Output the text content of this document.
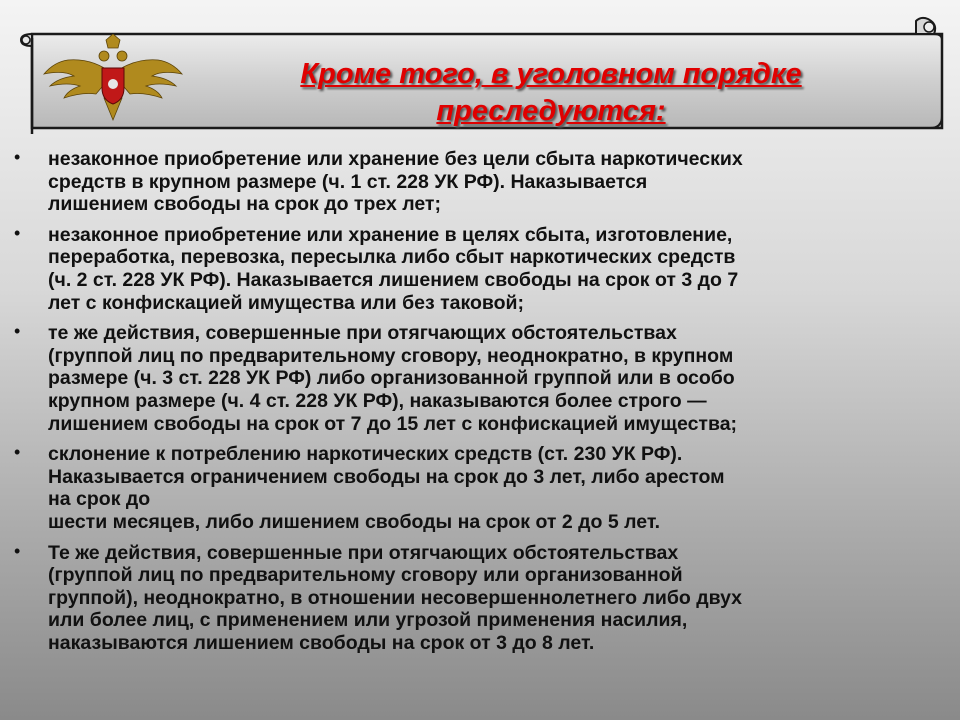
Кроме того, в уголовном порядке
преследуются:
•	незаконное приобретение или хранение без цели сбыта наркотических
средств в крупном размере (ч. 1 ст. 228 УК РФ). Наказывается
лишением свободы на срок до трех лет;
•	незаконное приобретение или хранение в целях сбыта, изготовление,
переработка, перевозка, пересылка либо сбыт наркотических средств
(ч. 2 ст. 228 УК РФ). Наказывается лишением свободы на срок от 3 до 7
лет с конфискацией имущества или без таковой;
•	те же действия, совершенные при отягчающих обстоятельствах
(группой лиц по предварительному сговору, неоднократно, в крупном
размере (ч. 3 ст. 228 УК РФ) либо организованной группой или в особо
крупном размере (ч. 4 ст. 228 УК РФ), наказываются более строго —
лишением свободы на срок от 7 до 15 лет с конфискацией имущества;
•	склонение к потреблению наркотических средств (ст. 230 УК РФ).
Наказывается ограничением свободы на срок до 3 лет, либо арестом
на срок до
шести месяцев, либо лишением свободы на срок от 2 до 5 лет.
•	Те же действия, совершенные при отягчающих обстоятельствах
(группой лиц по предварительному сговору или организованной
группой), неоднократно, в отношении несовершеннолетнего либо двух
или более лиц, с применением или угрозой применения насилия,
наказываются лишением свободы на срок от 3 до 8 лет.
